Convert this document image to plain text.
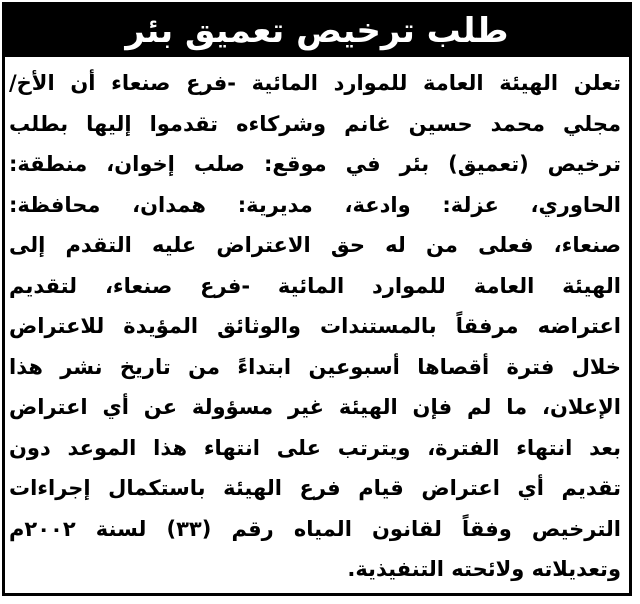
طلب ترخيص تعميق بئر
تعلن الهيئة العامة للموارد المائية -فرع صنعاء أن الأخ/
مجلي محمد حسين غانم وشركاءه تقدموا إليها بطلب
ترخيص (تعميق) بئر في موقع: صلب إخوان، منطقة:
الحاوري، عزلة: وادعة، مديرية: همدان، محافظة:
صنعاء، فعلى من له حق الاعتراض عليه التقدم إلى
الهيئة العامة للموارد المائية -فرع صنعاء، لتقديم
اعتراضه مرفقاً بالمستندات والوثائق المؤيدة للاعتراض
خلال فترة أقصاها أسبوعين ابتداءً من تاريخ نشر هذا
الإعلان، ما لم فإن الهيئة غير مسؤولة عن أي اعتراض
بعد انتهاء الفترة، ويترتب على انتهاء هذا الموعد دون
تقديم أي اعتراض قيام فرع الهيئة باستكمال إجراءات
الترخيص وفقاً لقانون المياه رقم (٣٣) لسنة ٢٠٠٢م
وتعديلاته ولائحته التنفيذية.
